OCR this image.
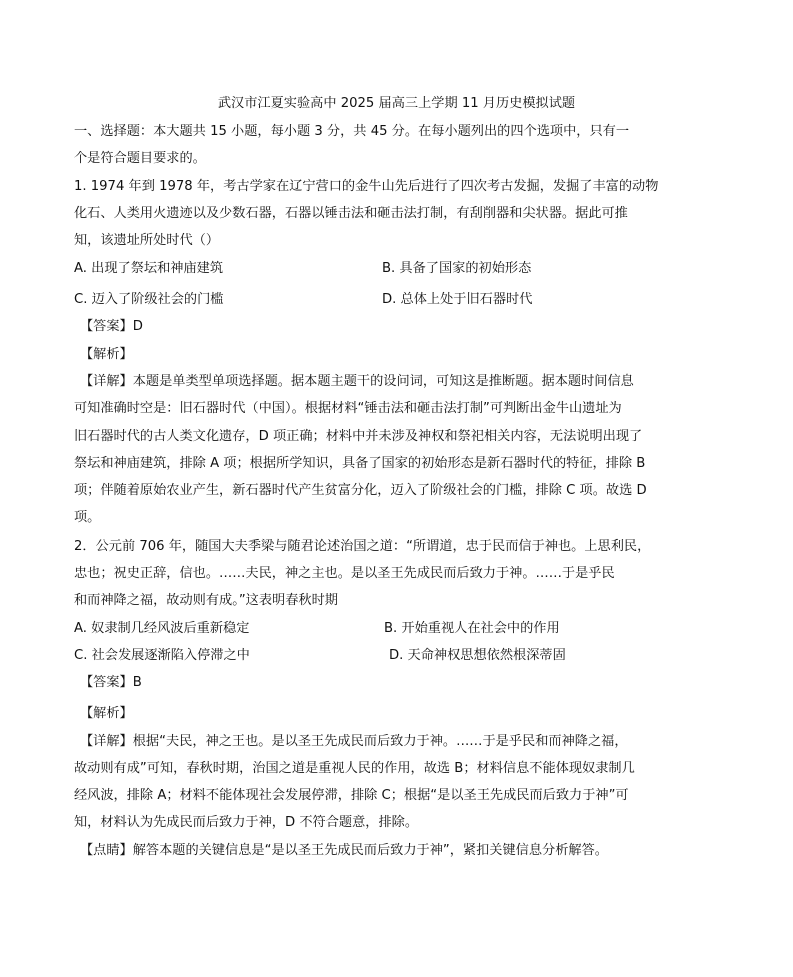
武汉市江夏实验高中 2025 届高三上学期 11 月历史模拟试题
一、选择题：本大题共 15 小题，每小题 3 分，共 45 分。在每小题列出的四个选项中，只有一
个是符合题目要求的。
1. 1974 年到 1978 年，考古学家在辽宁营口的金牛山先后进行了四次考古发掘，发掘了丰富的动物
化石、人类用火遗迹以及少数石器，石器以锤击法和砸击法打制，有刮削器和尖状器。据此可推
知，该遗址所处时代（）
A. 出现了祭坛和神庙建筑	B. 具备了国家的初始形态
C. 迈入了阶级社会的门槛	D. 总体上处于旧石器时代
【答案】D
【解析】
【详解】本题是单类型单项选择题。据本题主题干的设问词，可知这是推断题。据本题时间信息
可知准确时空是：旧石器时代（中国）。根据材料“锤击法和砸击法打制”可判断出金牛山遗址为
旧石器时代的古人类文化遗存，D 项正确；材料中并未涉及神权和祭祀相关内容，无法说明出现了
祭坛和神庙建筑，排除 A 项；根据所学知识，具备了国家的初始形态是新石器时代的特征，排除 B
项；伴随着原始农业产生，新石器时代产生贫富分化，迈入了阶级社会的门槛，排除 C 项。故选 D
项。
2．公元前 706 年，随国大夫季梁与随君论述治国之道：“所谓道，忠于民而信于神也。上思利民，
忠也；祝史正辞，信也。……夫民，神之主也。是以圣王先成民而后致力于神。……于是乎民
和而神降之福，故动则有成。”这表明春秋时期
A. 奴隶制几经风波后重新稳定	B. 开始重视人在社会中的作用
C. 社会发展逐渐陷入停滞之中	D. 天命神权思想依然根深蒂固
【答案】B
【解析】
【详解】根据“夫民，神之王也。是以圣王先成民而后致力于神。……于是乎民和而神降之福，
故动则有成”可知，春秋时期，治国之道是重视人民的作用，故选 B；材料信息不能体现奴隶制几
经风波，排除 A；材料不能体现社会发展停滞，排除 C；根据“是以圣王先成民而后致力于神”可
知，材料认为先成民而后致力于神，D 不符合题意，排除。
【点睛】解答本题的关键信息是“是以圣王先成民而后致力于神”，紧扣关键信息分析解答。
